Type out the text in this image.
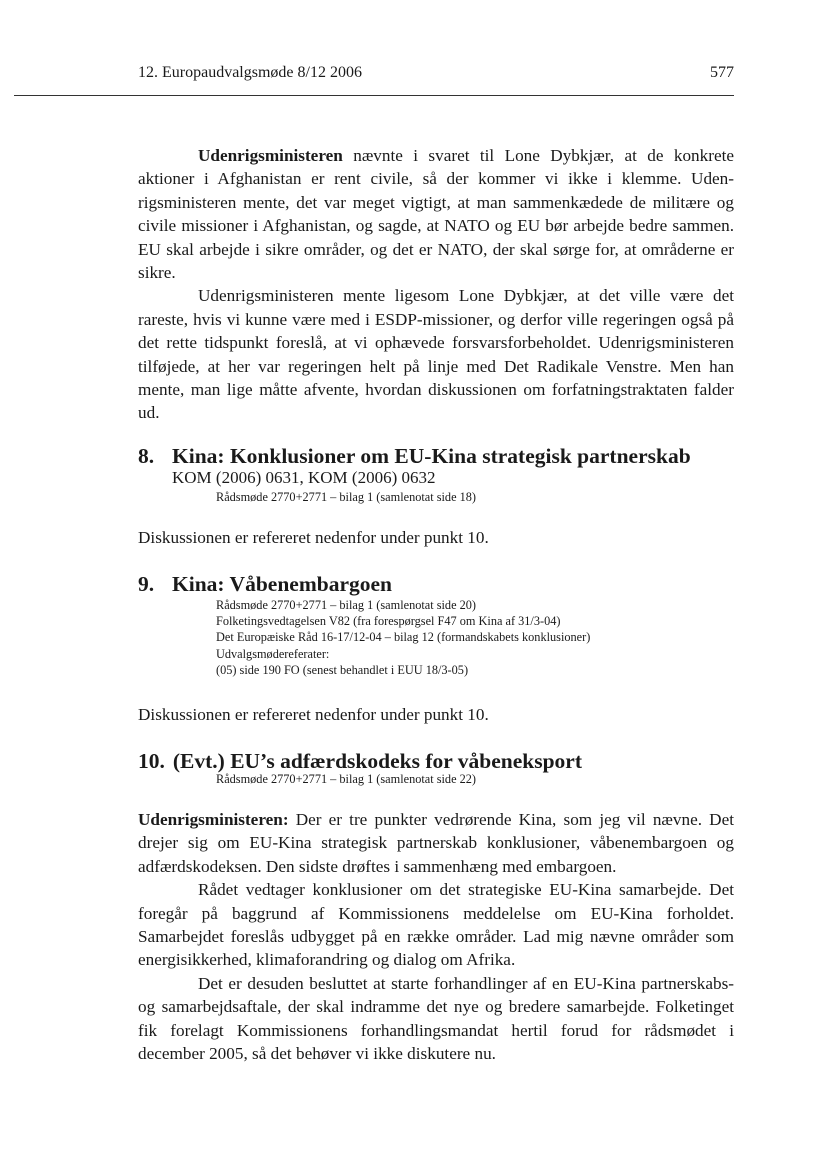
12. Europaudvalgsmøde 8/12 2006	577

Udenrigsministeren nævnte i svaret til Lone Dybkjær, at de konkrete aktioner i Afghanistan er rent civile, så der kommer vi ikke i klemme. Udenrigsministeren mente, det var meget vigtigt, at man sammenkædede de militære og civile missioner i Afghanistan, og sagde, at NATO og EU bør arbejde bedre sammen. EU skal arbejde i sikre områder, og det er NATO, der skal sørge for, at områderne er sikre.

Udenrigsministeren mente ligesom Lone Dybkjær, at det ville være det rareste, hvis vi kunne være med i ESDP-missioner, og derfor ville regeringen også på det rette tidspunkt foreslå, at vi ophævede forsvarsforbeholdet. Udenrigsministeren tilføjede, at her var regeringen helt på linje med Det Radikale Venstre. Men han mente, man lige måtte afvente, hvordan diskussionen om forfatningstraktaten falder ud.

8. Kina: Konklusioner om EU-Kina strategisk partnerskab
KOM (2006) 0631, KOM (2006) 0632
Rådsmøde 2770+2771 – bilag 1 (samlenotat side 18)

Diskussionen er refereret nedenfor under punkt 10.

9. Kina: Våbenembargoen
Rådsmøde 2770+2771 – bilag 1 (samlenotat side 20)
Folketingsvedtagelsen V82 (fra forespørgsel F47 om Kina af 31/3-04)
Det Europæiske Råd 16-17/12-04 – bilag 12 (formandskabets konklusioner)
Udvalgsmødereferater:
(05) side 190 FO (senest behandlet i EUU 18/3-05)

Diskussionen er refereret nedenfor under punkt 10.

10. (Evt.) EU’s adfærdskodeks for våbeneksport
Rådsmøde 2770+2771 – bilag 1 (samlenotat side 22)

Udenrigsministeren: Der er tre punkter vedrørende Kina, som jeg vil nævne. Det drejer sig om EU-Kina strategisk partnerskab konklusioner, våbenembargoen og adfærdskodeksen. Den sidste drøftes i sammenhæng med embargoen.

Rådet vedtager konklusioner om det strategiske EU-Kina samarbejde. Det foregår på baggrund af Kommissionens meddelelse om EU-Kina forholdet. Samarbejdet foreslås udbygget på en række områder. Lad mig nævne områder som energisikkerhed, klimaforandring og dialog om Afrika.

Det er desuden besluttet at starte forhandlinger af en EU-Kina partnerskabs- og samarbejdsaftale, der skal indramme det nye og bredere samarbejde. Folketinget fik forelagt Kommissionens forhandlingsmandat hertil forud for rådsmødet i december 2005, så det behøver vi ikke diskutere nu.
